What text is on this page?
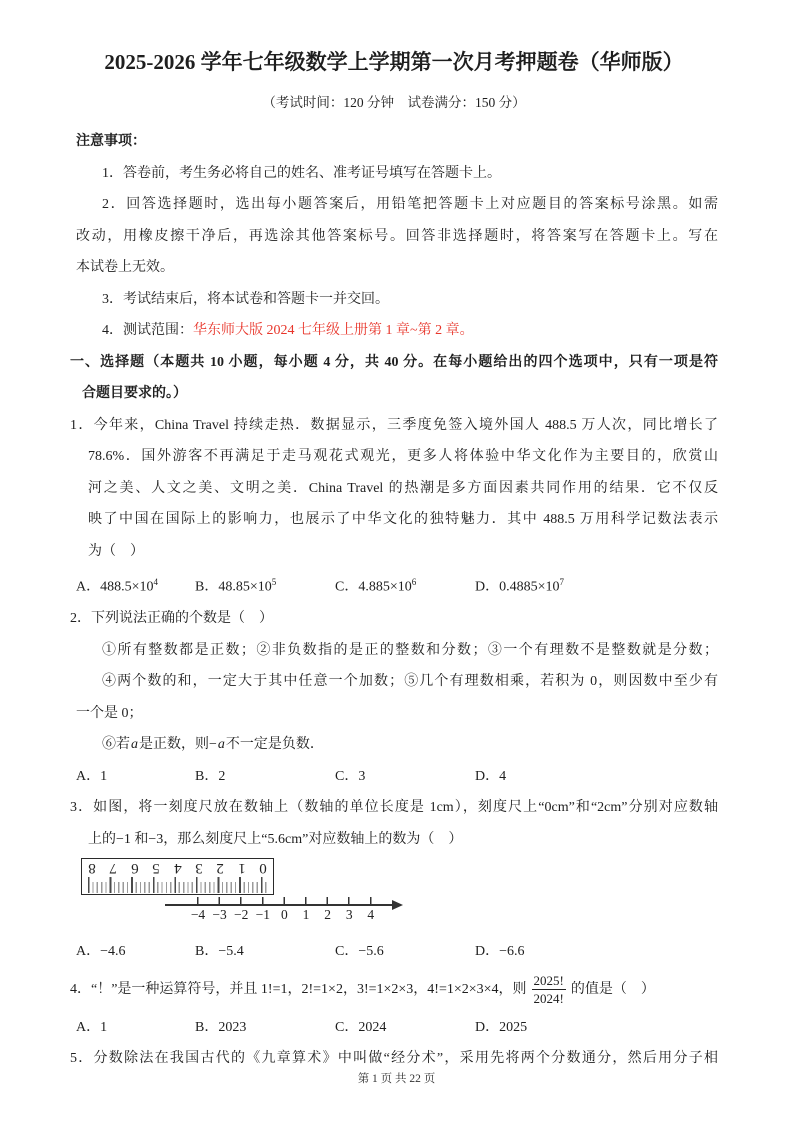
2025-2026 学年七年级数学上学期第一次月考押题卷（华师版）
（考试时间：120 分钟　试卷满分：150 分）
注意事项：
1．答卷前，考生务必将自己的姓名、准考证号填写在答题卡上。
2．回答选择题时，选出每小题答案后，用铅笔把答题卡上对应题目的答案标号涂黑。如需
改动，用橡皮擦干净后，再选涂其他答案标号。回答非选择题时，将答案写在答题卡上。写在
本试卷上无效。
3．考试结束后，将本试卷和答题卡一并交回。
4．测试范围：华东师大版 2024 七年级上册第 1 章~第 2 章。
一、选择题（本题共 10 小题，每小题 4 分，共 40 分。在每小题给出的四个选项中，只有一项是符
合题目要求的。）
1．今年来，China Travel 持续走热．数据显示，三季度免签入境外国人 488.5 万人次，同比增长了
78.6%．国外游客不再满足于走马观花式观光，更多人将体验中华文化作为主要目的，欣赏山
河之美、人文之美、文明之美．China Travel 的热潮是多方面因素共同作用的结果．它不仅反
映了中国在国际上的影响力，也展示了中华文化的独特魅力．其中 488.5 万用科学记数法表示
为（　）
A．$488.5\times 10^4$	B．$48.85\times 10^5$	C．$4.885\times 10^6$	D．$0.4885\times 10^7$
2．下列说法正确的个数是（　）
①所有整数都是正数；②非负数指的是正的整数和分数；③一个有理数不是整数就是分数；
④两个数的和，一定大于其中任意一个加数；⑤几个有理数相乘，若积为 0，则因数中至少有
一个是 0；
⑥若a是正数，则−a不一定是负数．
A．1	B．2	C．3	D．4
3．如图，将一刻度尺放在数轴上（数轴的单位长度是 1cm），刻度尺上“0cm”和“2cm”分别对应数轴
上的−1 和−3，那么刻度尺上“5.6cm”对应数轴上的数为（　）
8 7 6 5 4 3 2 1 0
−4 −3 −2 −1 0	1	2	3	4
A．−4.6	B．−5.4	C．−5.6	D．−6.6
4．“！”是一种运算符号，并且 1!=1，2!=1×2，3!=1×2×3，4!=1×2×3×4，则 $\frac{2025!}{2024!}$ 的值是（　）
A．1	B．2023	C．2024	D．2025
5．分数除法在我国古代的《九章算术》中叫做“经分术”，采用先将两个分数通分，然后用分子相
第 1 页 共 22 页
